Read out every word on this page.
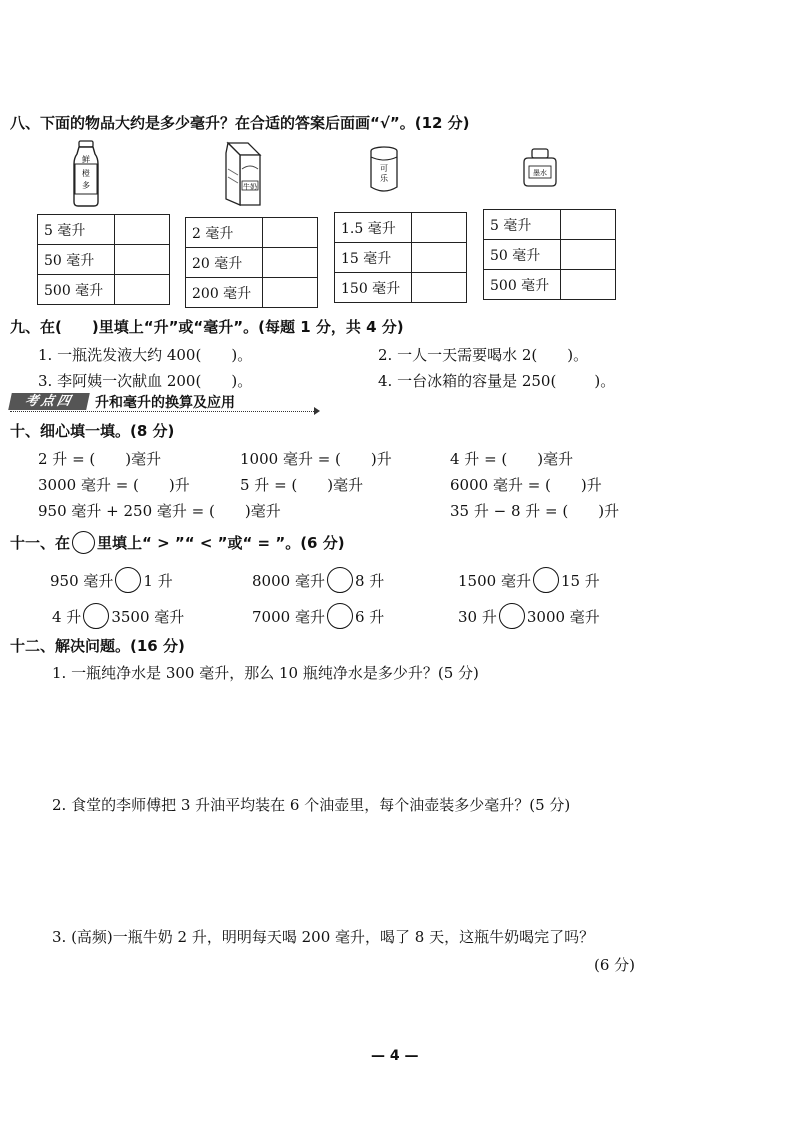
八、下面的物品大约是多少毫升？在合适的答案后面画“√”。(12 分)
鲜
橙
多	牛奶
可
乐
墨水
5 毫升	
50 毫升	
500 毫升	
2 毫升	
20 毫升	
200 毫升	
1.5 毫升	
15 毫升	
150 毫升	
5 毫升	
50 毫升	
500 毫升	
九、在( )里填上“升”或“毫升”。(每题 1 分，共 4 分)
1. 一瓶洗发液大约 400( )。	2. 一人一天需要喝水 2( )。
3. 李阿姨一次献血 200( )。	4. 一台冰箱的容量是 250(	)。
考点四	升和毫升的换算及应用
十、细心填一填。(8 分)
2 升 = ( )毫升	1000 毫升 = ( )升	4 升 = ( )毫升
3000 毫升 = ( )升	5 升 = ( )毫升	6000 毫升 = ( )升
950 毫升 + 250 毫升 = ( )毫升	35 升 − 8 升 = ( )升
十一、在 里填上“ > ”“ < ”或“ = ”。(6 分)
950 毫升 1 升	8000 毫升 8 升	1500 毫升 15 升
4 升 3500 毫升	7000 毫升 6 升	30 升 3000 毫升
十二、解决问题。(16 分)
1. 一瓶纯净水是 300 毫升，那么 10 瓶纯净水是多少升？(5 分)
2. 食堂的李师傅把 3 升油平均装在 6 个油壶里，每个油壶装多少毫升？(5 分)
3. (高频)一瓶牛奶 2 升，明明每天喝 200 毫升，喝了 8 天，这瓶牛奶喝完了吗？
(6 分)
— 4 —
